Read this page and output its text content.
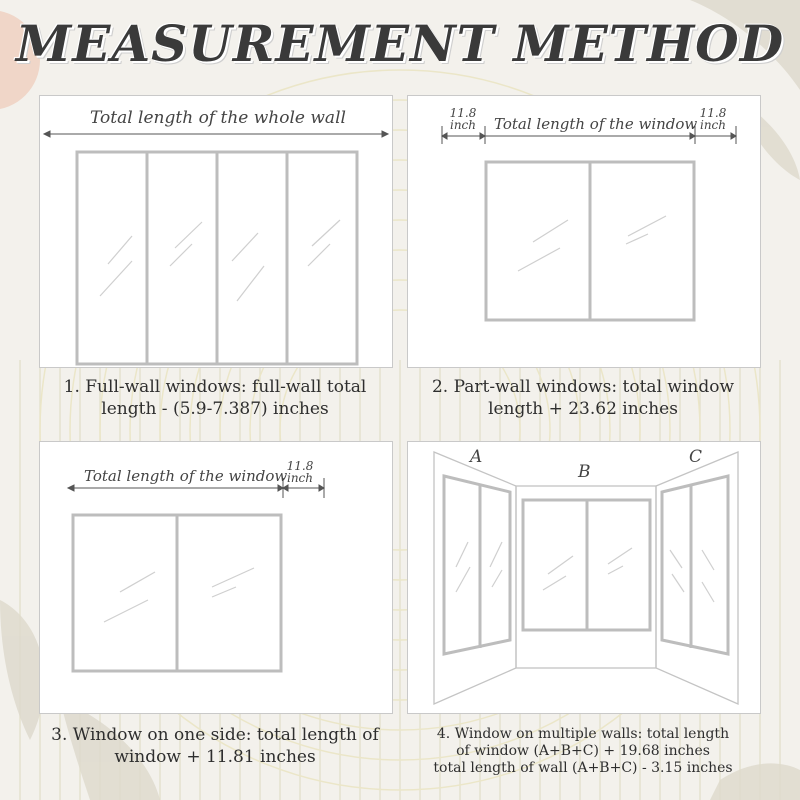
MEASUREMENT METHOD
Total length of the whole wall
1. Full-wall windows: full-wall total
length - (5.9-7.387) inches
11.8
inch Total length of the window
11.8
inch
2. Part-wall windows: total window
length + 23.62 inches
Total length of the window
11.8
inch
3. Window on one side: total length of
window + 11.81 inches
A
B
C
4. Window on multiple walls: total length
of window (A+B+C) + 19.68 inches
total length of wall (A+B+C) - 3.15 inches
